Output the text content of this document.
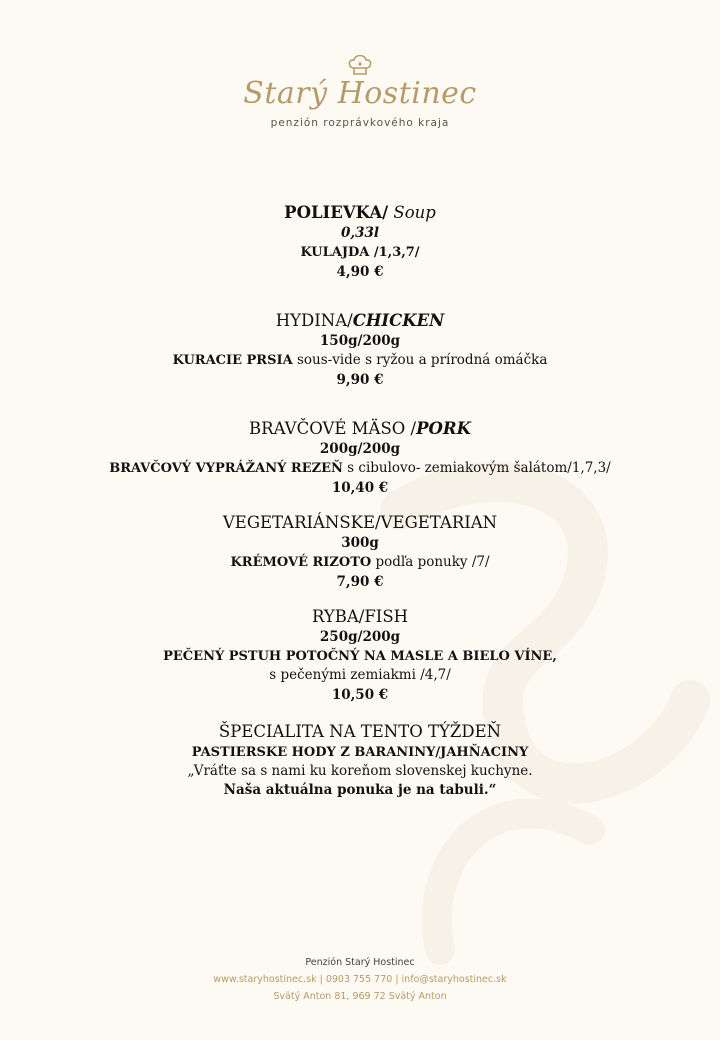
Starý Hostinec
penzión rozprávkového kraja
POLIEVKA/ Soup
0,33l
KULAJDA /1,3,7/
4,90 €
HYDINA/CHICKEN
150g/200g
KURACIE PRSIA sous-vide s ryžou a prírodná omáčka
9,90 €
BRAVČOVÉ MÄSO /PORK
200g/200g
BRAVČOVÝ VYPRÁŽANÝ REZEŇ s cibulovo- zemiakovým šalátom/1,7,3/
10,40 €
VEGETARIÁNSKE/VEGETARIAN
300g
KRÉMOVÉ RIZOTO podľa ponuky /7/
7,90 €
RYBA/FISH
250g/200g
PEČENÝ PSTUH POTOČNÝ NA MASLE A BIELO VÍNE,
s pečenými zemiakmi /4,7/
10,50 €
ŠPECIALITA NA TENTO TÝŽDEŇ
PASTIERSKE HODY Z BARANINY/JAHŇACINY
„Vráťte sa s nami ku koreňom slovenskej kuchyne.
Naša aktuálna ponuka je na tabuli.“
Penzión Starý Hostinec
www.staryhostinec.sk | 0903 755 770 | info@staryhostinec.sk
Svätý Anton 81, 969 72 Svätý Anton
